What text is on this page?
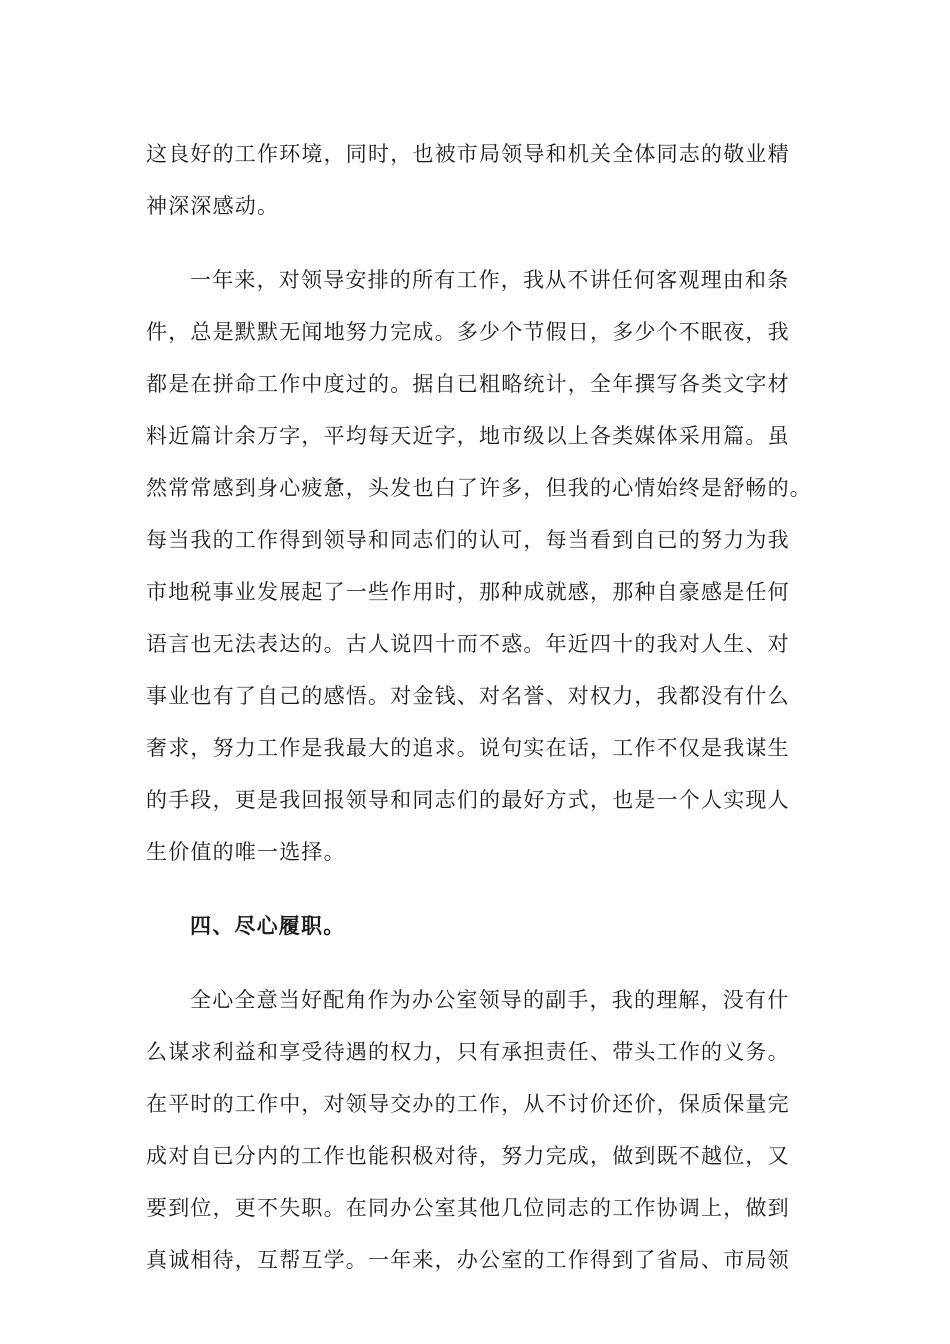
这良好的工作环境，同时，也被市局领导和机关全体同志的敬业精
神深深感动。
一年来，对领导安排的所有工作，我从不讲任何客观理由和条
件，总是默默无闻地努力完成。多少个节假日，多少个不眠夜，我
都是在拼命工作中度过的。据自已粗略统计，全年撰写各类文字材
料近篇计余万字，平均每天近字，地市级以上各类媒体采用篇。虽
然常常感到身心疲惫，头发也白了许多，但我的心情始终是舒畅的。
每当我的工作得到领导和同志们的认可，每当看到自已的努力为我
市地税事业发展起了一些作用时，那种成就感，那种自豪感是任何
语言也无法表达的。古人说四十而不惑。年近四十的我对人生、对
事业也有了自己的感悟。对金钱、对名誉、对权力，我都没有什么
奢求，努力工作是我最大的追求。说句实在话，工作不仅是我谋生
的手段，更是我回报领导和同志们的最好方式，也是一个人实现人
生价值的唯一选择。
四、尽心履职。
全心全意当好配角作为办公室领导的副手，我的理解，没有什
么谋求利益和享受待遇的权力，只有承担责任、带头工作的义务。
在平时的工作中，对领导交办的工作，从不讨价还价，保质保量完
成对自已分内的工作也能积极对待，努力完成，做到既不越位，又
要到位，更不失职。在同办公室其他几位同志的工作协调上，做到
真诚相待，互帮互学。一年来，办公室的工作得到了省局、市局领
